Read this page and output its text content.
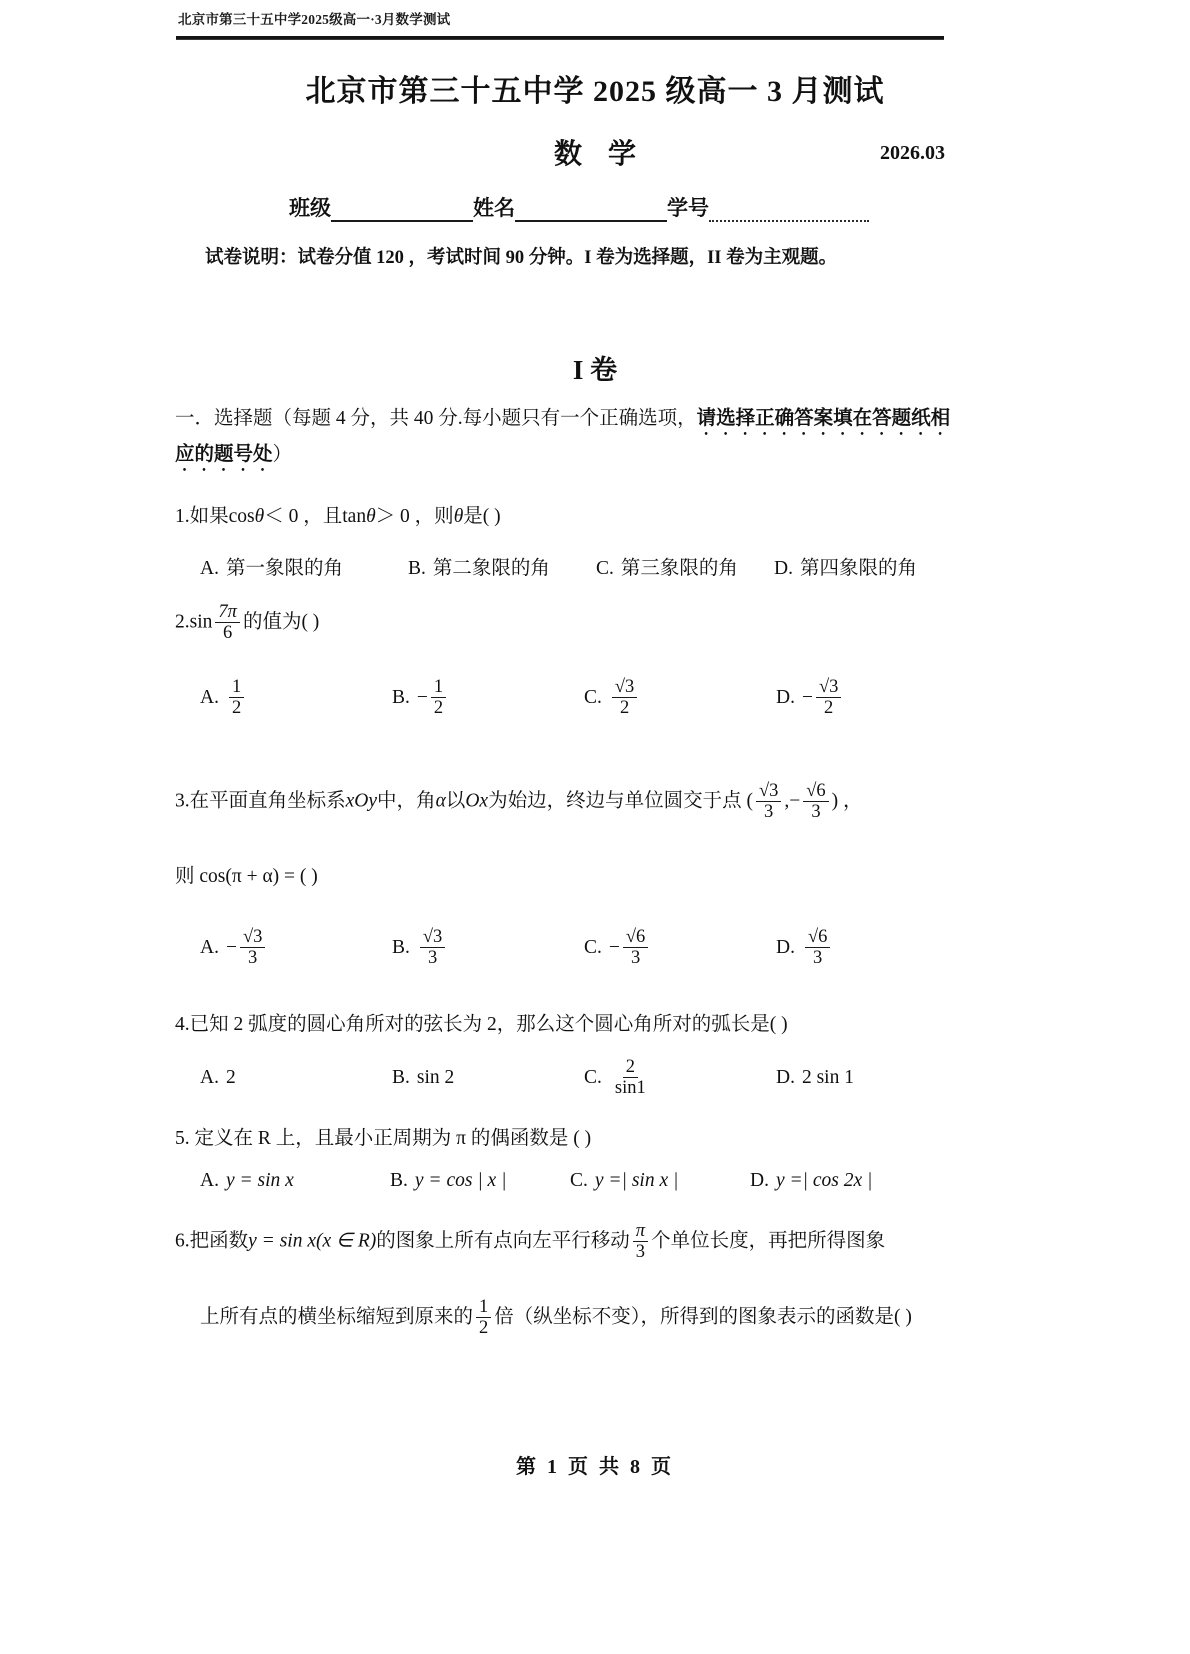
北京市第三十五中学2025级高一·3月数学测试
北京市第三十五中学 2025 级高一 3 月测试
数学	2026.03
班级	姓名	学号
试卷说明：试卷分值 120 ，考试时间 90 分钟。I 卷为选择题，II 卷为主观题。
I 卷
一．选择题（每题 4 分，共 40 分.每小题只有一个正确选项，请选择正确答案填在答题纸相应的题号处）
1.如果cosθ＜ 0 ，且tanθ＞ 0 ，则θ是( )
A. 第一象限的角	B. 第二象限的角 C. 第三象限的角 D. 第四象限的角
$2.\sin \frac{7\pi}{6}$ 的值为( )
A. $\frac{1}{2}$	B. − $\frac{1}{2}$	C. $\frac{√3}{2}$	D. − $\frac{√3}{2}$
3.在平面直角坐标系xOy中，角α以Ox为始边，终边与单位圆交于点 ( $\frac{√3}{3}$ ,− $\frac{√6}{3}$ ) ，
则 cos(π + α) = ( )
A. − $\frac{√3}{3}$	B. $\frac{√3}{3}$	C. − $\frac{√6}{3}$	D. $\frac{√6}{3}$
4.已知 2 弧度的圆心角所对的弦长为 2，那么这个圆心角所对的弧长是( )
A. 2	B. sin 2	C. $\frac{2}{\sin 1}$	D. 2 sin 1
5. 定义在 R 上，且最小正周期为 π 的偶函数是 ( )
A. y = sin x	B. y = cos | x |	C. y =| sin x |	D. y =| cos 2x |
6.把函数y = sin x(x ∈ R)的图象上所有点向左平行移动 $\frac{\pi}{3}$ 个单位长度，再把所得图象
上所有点的横坐标缩短到原来的 $\frac{1}{2}$ 倍（纵坐标不变），所得到的图象表示的函数是( )
第 1 页 共 8 页
